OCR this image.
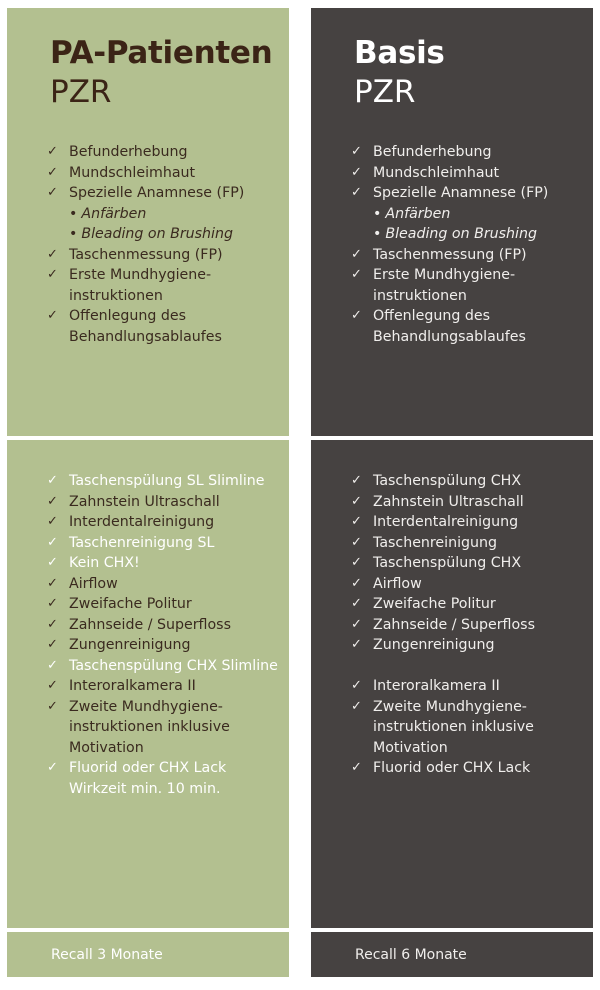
PA-Patienten
PZR
✓ Befunderhebung
✓ Mundschleimhaut
✓ Spezielle Anamnese (FP)
• Anfärben
• Bleading on Brushing
✓ Taschenmessung (FP)
✓ Erste Mundhygiene-instruktionen
✓ Offenlegung des Behandlungsablaufes
✓ Taschenspülung SL Slimline
✓ Zahnstein Ultraschall
✓ Interdentalreinigung
✓ Taschenreinigung SL
✓ Kein CHX!
✓ Airflow
✓ Zweifache Politur
✓ Zahnseide / Superfloss
✓ Zungenreinigung
✓ Taschenspülung CHX Slimline
✓ Interoralkamera II
✓ Zweite Mundhygiene-instruktionen inklusive Motivation
✓ Fluorid oder CHX Lack Wirkzeit min. 10 min.
Recall 3 Monate
Basis
PZR
✓ Befunderhebung
✓ Mundschleimhaut
✓ Spezielle Anamnese (FP)
• Anfärben
• Bleading on Brushing
✓ Taschenmessung (FP)
✓ Erste Mundhygiene-instruktionen
✓ Offenlegung des Behandlungsablaufes
✓ Taschenspülung CHX
✓ Zahnstein Ultraschall
✓ Interdentalreinigung
✓ Taschenreinigung
✓ Taschenspülung CHX
✓ Airflow
✓ Zweifache Politur
✓ Zahnseide / Superfloss
✓ Zungenreinigung
✓ Interoralkamera II
✓ Zweite Mundhygiene-instruktionen inklusive Motivation
✓ Fluorid oder CHX Lack
Recall 6 Monate
